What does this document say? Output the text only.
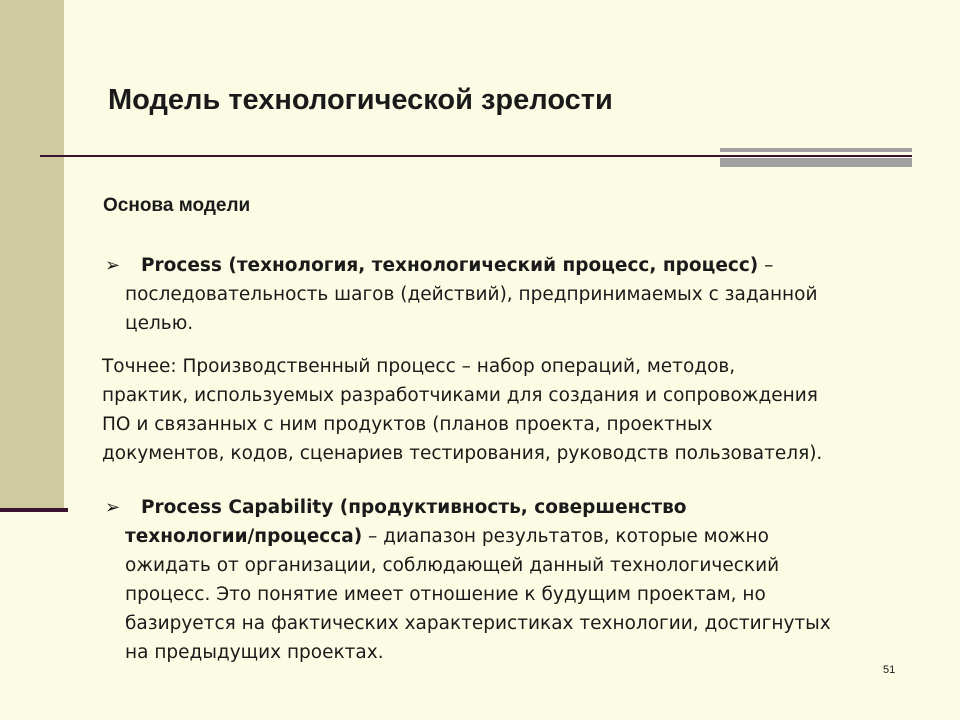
Модель технологической зрелости
Основа модели
➢ Process (технология, технологический процесс, процесс) –
последовательность шагов (действий), предпринимаемых с заданной
целью.
Точнее: Производственный процесс – набор операций, методов,
практик, используемых разработчиками для создания и сопровождения
ПО и связанных с ним продуктов (планов проекта, проектных
документов, кодов, сценариев тестирования, руководств пользователя).
➢ Process Capability (продуктивность, совершенство
технологии/процесса) – диапазон результатов, которые можно
ожидать от организации, соблюдающей данный технологический
процесс. Это понятие имеет отношение к будущим проектам, но
базируется на фактических характеристиках технологии, достигнутых
на предыдущих проектах.
51
